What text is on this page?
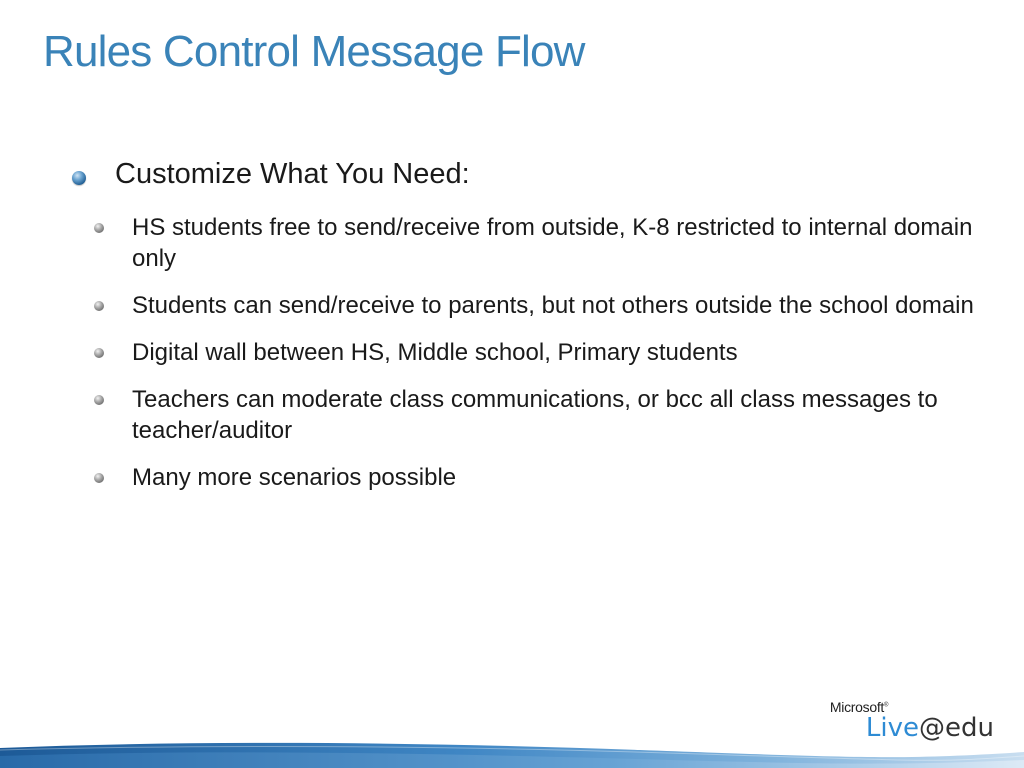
Rules Control Message Flow
Customize What You Need:
HS students free to send/receive from outside, K-8 restricted to internal domain only
Students can send/receive to parents, but not others outside the school domain
Digital wall between HS, Middle school, Primary students
Teachers can moderate class communications, or bcc all class messages to teacher/auditor
Many more scenarios possible
Microsoft®
Live@edu
